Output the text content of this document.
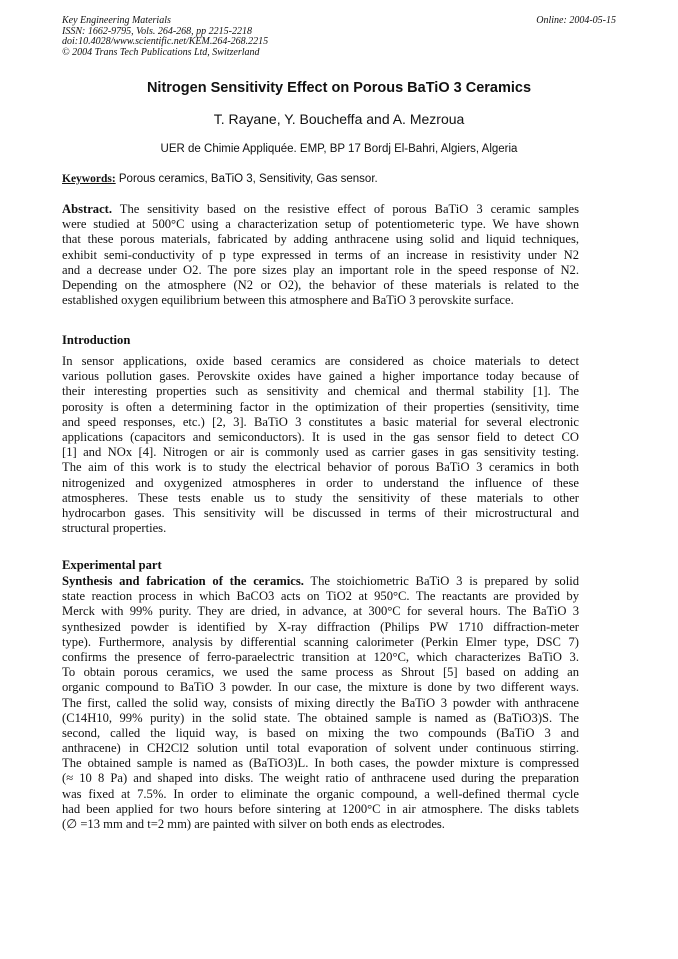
Key Engineering Materials
ISSN: 1662-9795, Vols. 264-268, pp 2215-2218
doi:10.4028/www.scientific.net/KEM.264-268.2215
© 2004 Trans Tech Publications Ltd, Switzerland
Online: 2004-05-15
Nitrogen Sensitivity Effect on Porous BaTiO 3 Ceramics
T. Rayane, Y. Boucheffa and A. Mezroua
UER de Chimie Appliquée. EMP, BP 17 Bordj El-Bahri, Algiers, Algeria
Keywords: Porous ceramics, BaTiO 3, Sensitivity, Gas sensor.
Abstract. The sensitivity based on the resistive effect of porous BaTiO 3 ceramic samples
were studied at 500°C using a characterization setup of potentiometeric type. We have shown
that these porous materials, fabricated by adding anthracene using solid and liquid techniques,
exhibit semi-conductivity of p type expressed in terms of an increase in resistivity under N2
and a decrease under O2. The pore sizes play an important role in the speed response of N2.
Depending on the atmosphere (N2 or O2), the behavior of these materials is related to the
established oxygen equilibrium between this atmosphere and BaTiO 3 perovskite surface.
Introduction
In sensor applications, oxide based ceramics are considered as choice materials to detect
various pollution gases. Perovskite oxides have gained a higher importance today because of
their interesting properties such as sensitivity and chemical and thermal stability [1]. The
porosity is often a determining factor in the optimization of their properties (sensitivity, time
and speed responses, etc.) [2, 3]. BaTiO 3 constitutes a basic material for several electronic
applications (capacitors and semiconductors). It is used in the gas sensor field to detect CO
[1] and NOx [4]. Nitrogen or air is commonly used as carrier gases in gas sensitivity testing.
The aim of this work is to study the electrical behavior of porous BaTiO 3 ceramics in both
nitrogenized and oxygenized atmospheres in order to understand the influence of these
atmospheres. These tests enable us to study the sensitivity of these materials to other
hydrocarbon gases. This sensitivity will be discussed in terms of their microstructural and
structural properties.
Experimental part
Synthesis and fabrication of the ceramics. The stoichiometric BaTiO 3 is prepared by solid
state reaction process in which BaCO3 acts on TiO2 at 950°C. The reactants are provided by
Merck with 99% purity. They are dried, in advance, at 300°C for several hours. The BaTiO 3
synthesized powder is identified by X-ray diffraction (Philips PW 1710 diffraction-meter
type). Furthermore, analysis by differential scanning calorimeter (Perkin Elmer type, DSC 7)
confirms the presence of ferro-paraelectric transition at 120°C, which characterizes BaTiO 3.
To obtain porous ceramics, we used the same process as Shrout [5] based on adding an
organic compound to BaTiO 3 powder. In our case, the mixture is done by two different ways.
The first, called the solid way, consists of mixing directly the BaTiO 3 powder with anthracene
(C14H10, 99% purity) in the solid state. The obtained sample is named as (BaTiO3)S. The
second, called the liquid way, is based on mixing the two compounds (BaTiO 3 and
anthracene) in CH2Cl2 solution until total evaporation of solvent under continuous stirring.
The obtained sample is named as (BaTiO3)L. In both cases, the powder mixture is compressed
(≈ 10 8 Pa) and shaped into disks. The weight ratio of anthracene used during the preparation
was fixed at 7.5%. In order to eliminate the organic compound, a well-defined thermal cycle
had been applied for two hours before sintering at 1200°C in air atmosphere. The disks tablets
(∅ =13 mm and t=2 mm) are painted with silver on both ends as electrodes.
